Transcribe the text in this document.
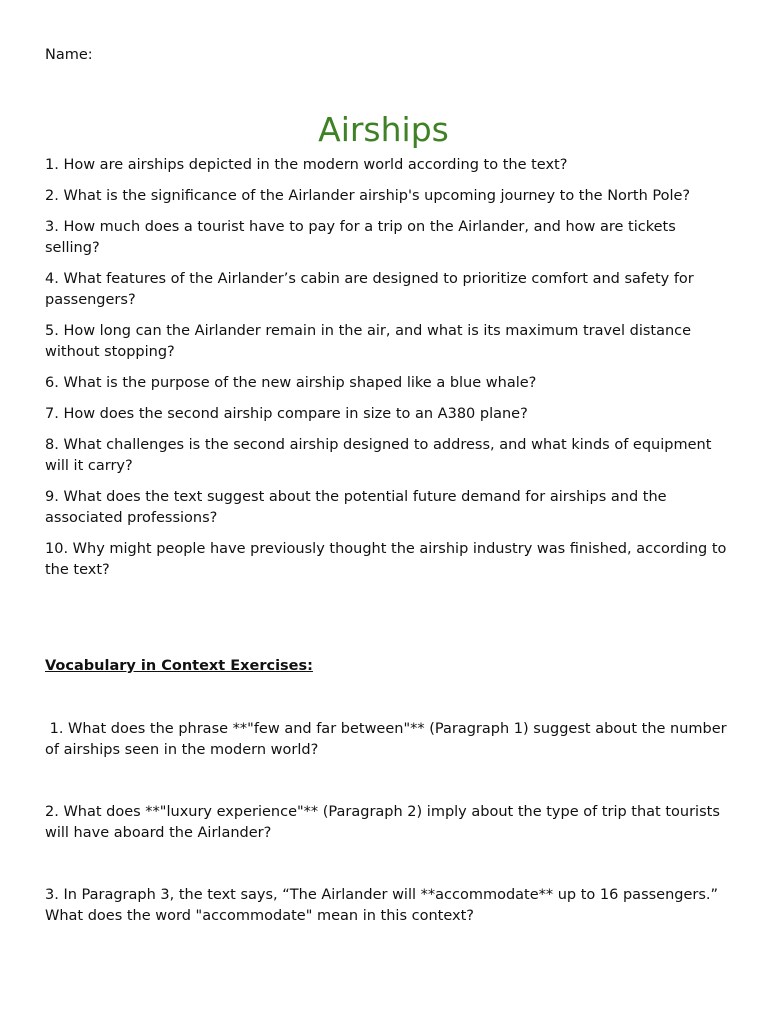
Name:
Airships
1. How are airships depicted in the modern world according to the text?
2. What is the significance of the Airlander airship's upcoming journey to the North Pole?
3. How much does a tourist have to pay for a trip on the Airlander, and how are tickets selling?
4. What features of the Airlander’s cabin are designed to prioritize comfort and safety for passengers?
5. How long can the Airlander remain in the air, and what is its maximum travel distance without stopping?
6. What is the purpose of the new airship shaped like a blue whale?
7. How does the second airship compare in size to an A380 plane?
8. What challenges is the second airship designed to address, and what kinds of equipment will it carry?
9. What does the text suggest about the potential future demand for airships and the associated professions?
10. Why might people have previously thought the airship industry was finished, according to the text?
Vocabulary in Context Exercises:

1. What does the phrase **"few and far between"** (Paragraph 1) suggest about the number of airships seen in the modern world?

2. What does **"luxury experience"** (Paragraph 2) imply about the type of trip that tourists will have aboard the Airlander?

3. In Paragraph 3, the text says, “The Airlander will **accommodate** up to 16 passengers.” What does the word "accommodate" mean in this context?
